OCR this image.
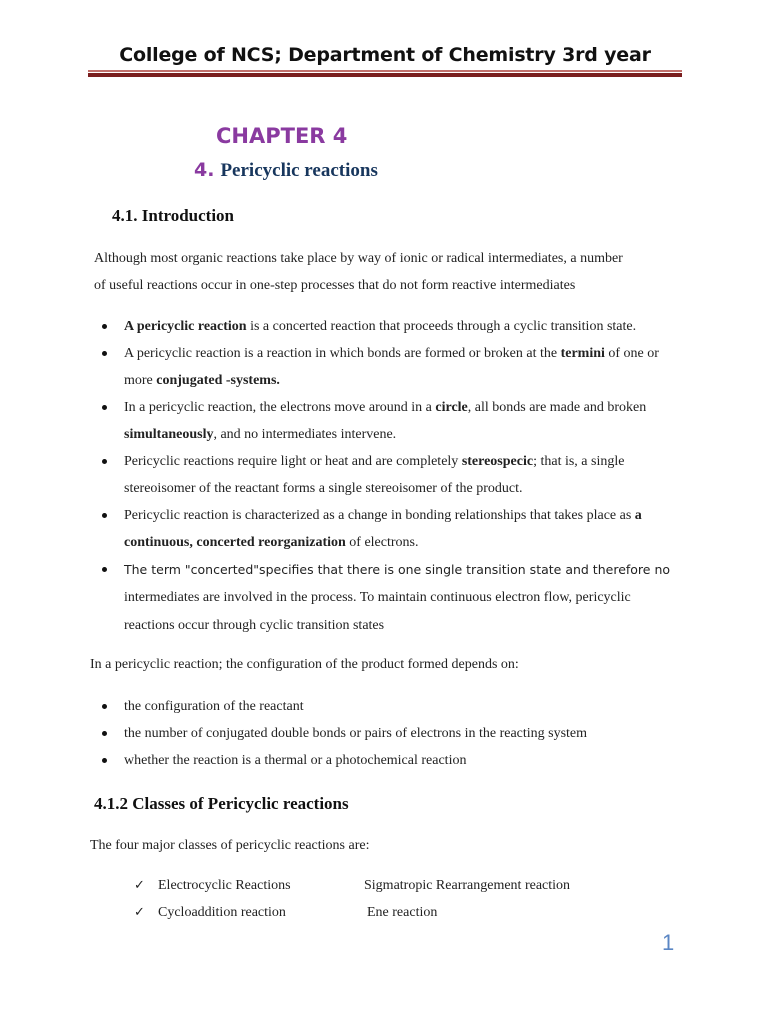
College of NCS; Department of Chemistry 3rd year
CHAPTER 4
4. Pericyclic reactions
4.1. Introduction
Although most organic reactions take place by way of ionic or radical intermediates, a number
of useful reactions occur in one-step processes that do not form reactive intermediates
A pericyclic reaction is a concerted reaction that proceeds through a cyclic transition state.
A pericyclic reaction is a reaction in which bonds are formed or broken at the termini of one or more conjugated -systems.
In a pericyclic reaction, the electrons move around in a circle, all bonds are made and broken simultaneously, and no intermediates intervene.
Pericyclic reactions require light or heat and are completely stereospecic; that is, a single stereoisomer of the reactant forms a single stereoisomer of the product.
Pericyclic reaction is characterized as a change in bonding relationships that takes place as a continuous, concerted reorganization of electrons.
The term "concerted"specifies that there is one single transition state and therefore no intermediates are involved in the process. To maintain continuous electron flow, pericyclic reactions occur through cyclic transition states
In a pericyclic reaction; the configuration of the product formed depends on:
the configuration of the reactant
the number of conjugated double bonds or pairs of electrons in the reacting system
whether the reaction is a thermal or a photochemical reaction
4.1.2 Classes of Pericyclic reactions
The four major classes of pericyclic reactions are:
✓ Electrocyclic Reactions	Sigmatropic Rearrangement reaction
✓ Cycloaddition reaction	Ene reaction
1
